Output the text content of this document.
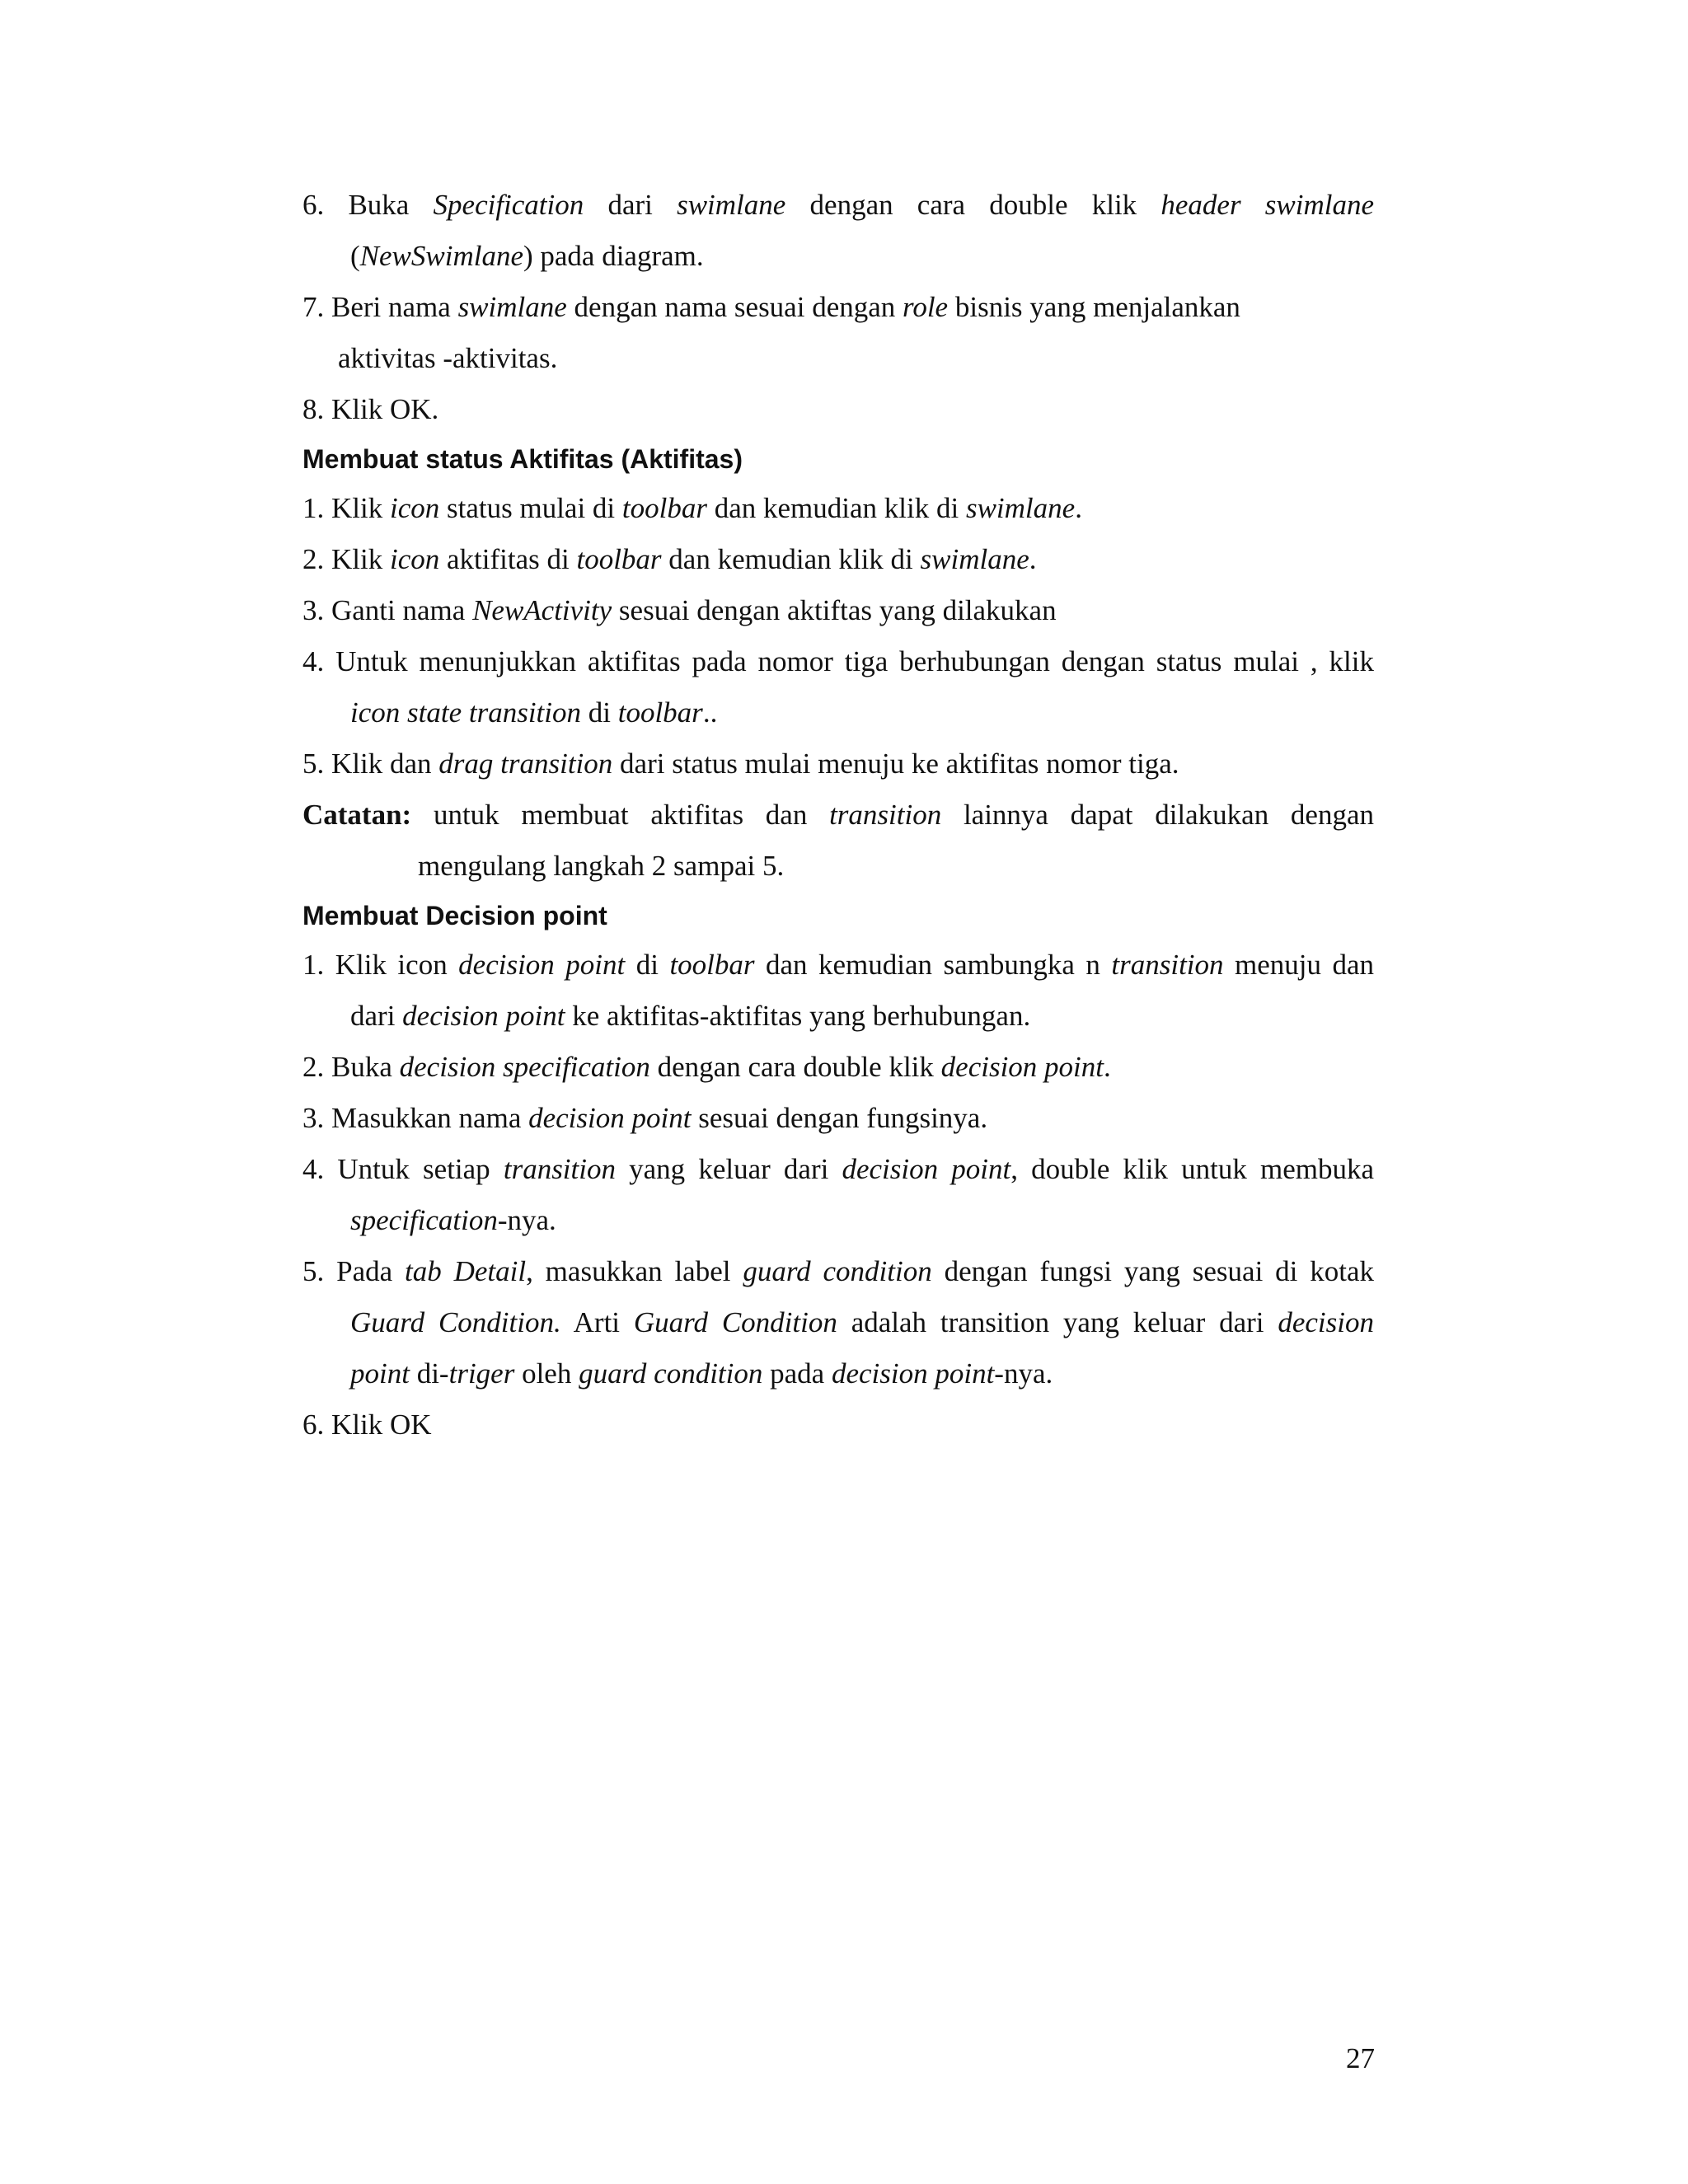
6. Buka Specification dari swimlane dengan cara double klik header swimlane
(NewSwimlane) pada diagram.
7. Beri nama swimlane dengan nama sesuai dengan role bisnis yang menjalankan
aktivitas -aktivitas.
8. Klik OK.
Membuat status Aktifitas (Aktifitas)
1. Klik icon status mulai di toolbar dan kemudian klik di swimlane.
2. Klik icon aktifitas di toolbar dan kemudian klik di swimlane.
3. Ganti nama NewActivity sesuai dengan aktiftas yang dilakukan
4. Untuk menunjukkan aktifitas pada nomor tiga berhubungan dengan status mulai , klik
icon state transition di toolbar..
5. Klik dan drag transition dari status mulai menuju ke aktifitas nomor tiga.
Catatan: untuk membuat aktifitas dan transition lainnya dapat dilakukan dengan
mengulang langkah 2 sampai 5.
Membuat Decision point
1. Klik icon decision point di toolbar dan kemudian sambungka n transition menuju dan
dari decision point ke aktifitas-aktifitas yang berhubungan.
2. Buka decision specification dengan cara double klik decision point.
3. Masukkan nama decision point sesuai dengan fungsinya.
4. Untuk setiap transition yang keluar dari decision point, double klik untuk membuka
specification-nya.
5. Pada tab Detail, masukkan label guard condition dengan fungsi yang sesuai di kotak
Guard Condition. Arti Guard Condition adalah transition yang keluar dari decision
point di-triger oleh guard condition pada decision point-nya.
6. Klik OK
27
